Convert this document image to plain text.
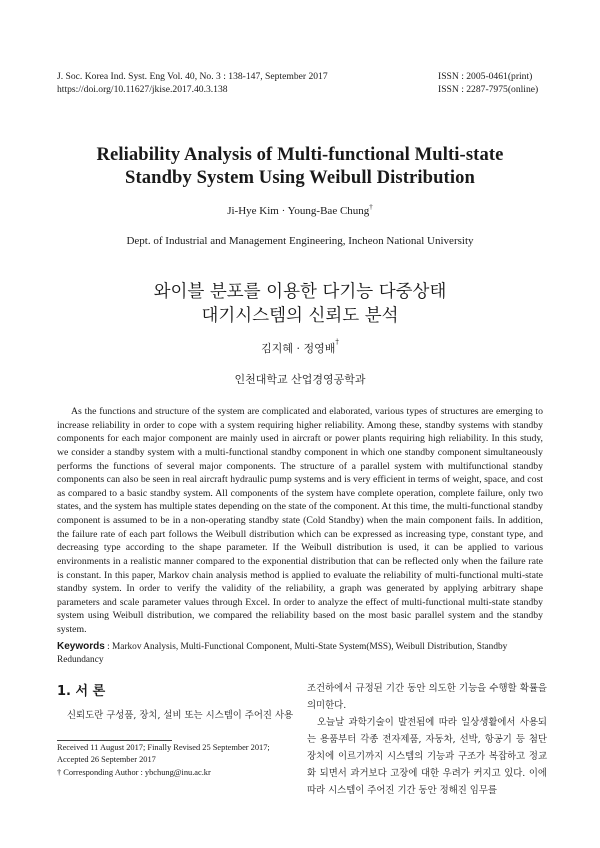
J. Soc. Korea Ind. Syst. Eng Vol. 40, No. 3 : 138-147, September 2017
https://doi.org/10.11627/jkise.2017.40.3.138
ISSN : 2005-0461(print)
ISSN : 2287-7975(online)
Reliability Analysis of Multi-functional Multi-state
Standby System Using Weibull Distribution
Ji-Hye Kim · Young-Bae Chung†
Dept. of Industrial and Management Engineering, Incheon National University
와이블 분포를 이용한 다기능 다중상태
대기시스템의 신뢰도 분석
김지혜 · 정영배†
인천대학교 산업경영공학과
As the functions and structure of the system are complicated and elaborated, various types of structures are emerging to increase reliability in order to cope with a system requiring higher reliability. Among these, standby systems with standby components for each major component are mainly used in aircraft or power plants requiring high reliability. In this study, we consider a standby system with a multi-functional standby component in which one standby component simultaneously performs the functions of several major components. The structure of a parallel system with multifunctional standby components can also be seen in real aircraft hydraulic pump systems and is very efficient in terms of weight, space, and cost as compared to a basic standby system. All components of the system have complete operation, complete failure, only two states, and the system has multiple states depending on the state of the component. At this time, the multi-functional standby component is assumed to be in a non-operating standby state (Cold Standby) when the main component fails. In addition, the failure rate of each part follows the Weibull distribution which can be expressed as increasing type, constant type, and decreasing type according to the shape parameter. If the Weibull distribution is used, it can be applied to various environments in a realistic manner compared to the exponential distribution that can be reflected only when the failure rate is constant. In this paper, Markov chain analysis method is applied to evaluate the reliability of multi-functional multi-state standby system. In order to verify the validity of the reliability, a graph was generated by applying arbitrary shape parameters and scale parameter values through Excel. In order to analyze the effect of multi-functional multi-state standby system using Weibull distribution, we compared the reliability based on the most basic parallel system and the standby system.
Keywords : Markov Analysis, Multi-Functional Component, Multi-State System(MSS), Weibull Distribution, Standby Redundancy
1. 서 론
신뢰도란 구성품, 장치, 설비 또는 시스템이 주어진 사용
Received 11 August 2017; Finally Revised 25 September 2017;
Accepted 26 September 2017
† Corresponding Author : ybchung@inu.ac.kr

조건하에서 규정된 기간 동안 의도한 기능을 수행할 확률을 의미한다.

오늘날 과학기술이 발전됨에 따라 일상생활에서 사용되는 용품부터 각종 전자제품, 자동차, 선박, 항공기 등 첨단 장치에 이르기까지 시스템의 기능과 구조가 복잡하고 정교화 되면서 과거보다 고장에 대한 우려가 커지고 있다. 이에 따라 시스템이 주어진 기간 동안 정해진 임무를
